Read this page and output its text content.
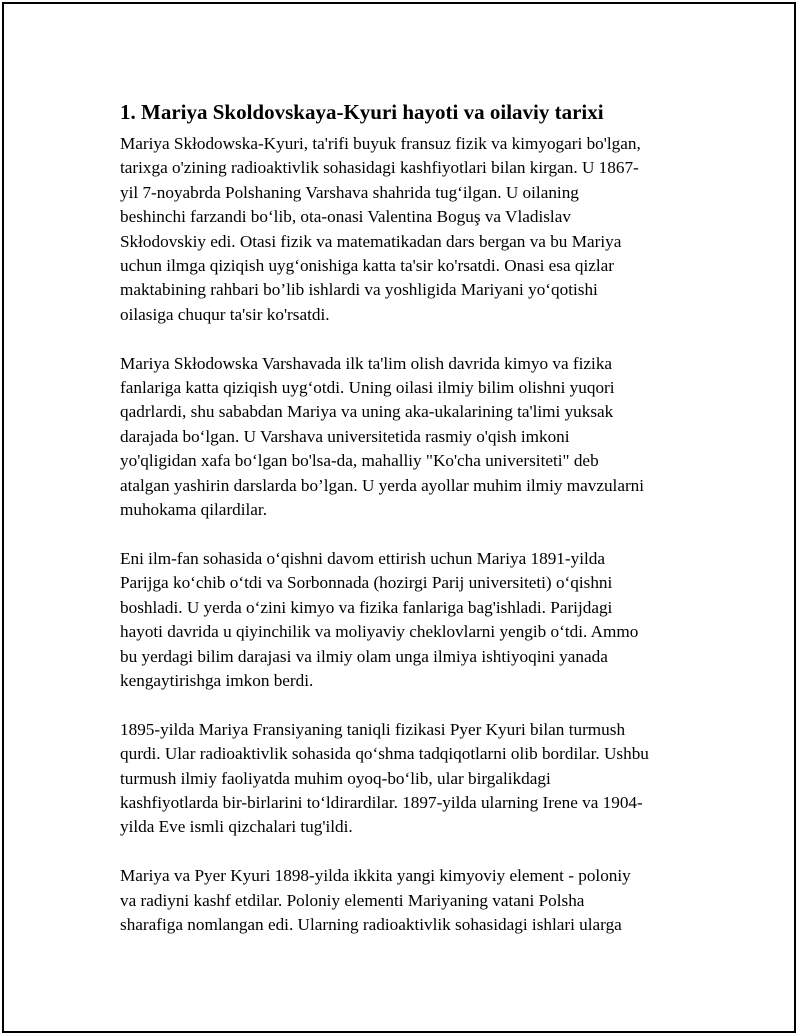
1. Mariya Skoldovskaya-Kyuri hayoti va oilaviy tarixi

Mariya Skłodowska-Kyuri, ta'rifi buyuk fransuz fizik va kimyogari bo'lgan,
tarixga o'zining radioaktivlik sohasidagi kashfiyotlari bilan kirgan. U 1867-
yil 7-noyabrda Polshaning Varshava shahrida tug‘ilgan. U oilaning
beshinchi farzandi bo‘lib, ota-onasi Valentina Boguş va Vladislav
Skłodovskiy edi. Otasi fizik va matematikadan dars bergan va bu Mariya
uchun ilmga qiziqish uyg‘onishiga katta ta'sir ko'rsatdi. Onasi esa qizlar
maktabining rahbari bo’lib ishlardi va yoshligida Mariyani yo‘qotishi
oilasiga chuqur ta'sir ko'rsatdi.

Mariya Skłodowska Varshavada ilk ta'lim olish davrida kimyo va fizika
fanlariga katta qiziqish uyg‘otdi. Uning oilasi ilmiy bilim olishni yuqori
qadrlardi, shu sababdan Mariya va uning aka-ukalarining ta'limi yuksak
darajada bo‘lgan. U Varshava universitetida rasmiy o'qish imkoni
yo'qligidan xafa bo‘lgan bo'lsa-da, mahalliy "Ko'cha universiteti" deb
atalgan yashirin darslarda bo’lgan. U yerda ayollar muhim ilmiy mavzularni
muhokama qilardilar.

Eni ilm-fan sohasida o‘qishni davom ettirish uchun Mariya 1891-yilda
Parijga ko‘chib o‘tdi va Sorbonnada (hozirgi Parij universiteti) o‘qishni
boshladi. U yerda o‘zini kimyo va fizika fanlariga bag'ishladi. Parijdagi
hayoti davrida u qiyinchilik va moliyaviy cheklovlarni yengib o‘tdi. Ammo
bu yerdagi bilim darajasi va ilmiy olam unga ilmiya ishtiyoqini yanada
kengaytirishga imkon berdi.

1895-yilda Mariya Fransiyaning taniqli fizikasi Pyer Kyuri bilan turmush
qurdi. Ular radioaktivlik sohasida qo‘shma tadqiqotlarni olib bordilar. Ushbu
turmush ilmiy faoliyatda muhim oyoq-bo‘lib, ular birgalikdagi
kashfiyotlarda bir-birlarini to‘ldirardilar. 1897-yilda ularning Irene va 1904-
yilda Eve ismli qizchalari tug'ildi.

Mariya va Pyer Kyuri 1898-yilda ikkita yangi kimyoviy element - poloniy
va radiyni kashf etdilar. Poloniy elementi Mariyaning vatani Polsha
sharafiga nomlangan edi. Ularning radioaktivlik sohasidagi ishlari ularga
